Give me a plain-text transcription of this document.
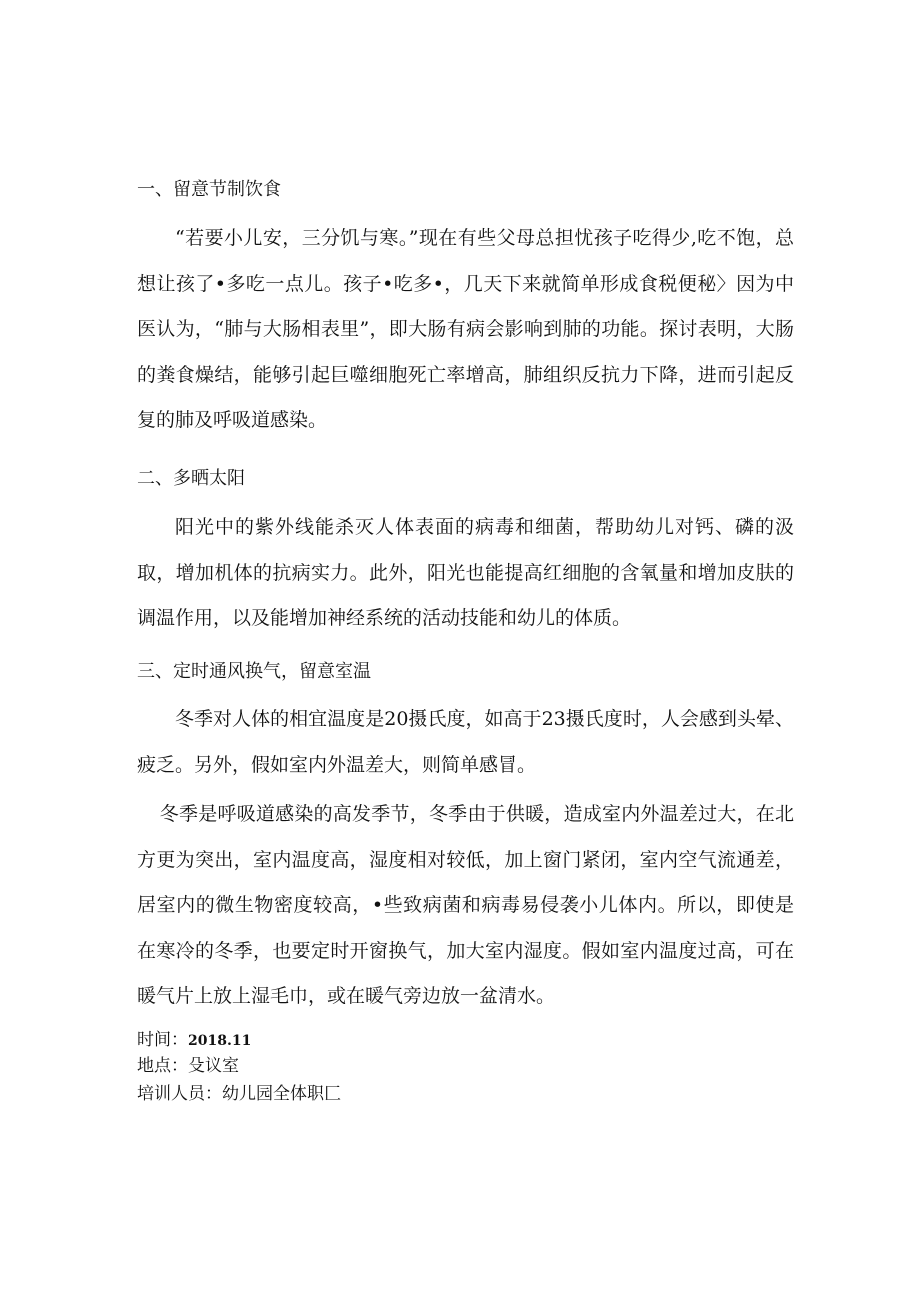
一、留意节制饮食

“若要小儿安，三分饥与寒。”现在有些父母总担忧孩子吃得少,吃不饱，总想让孩了•多吃一点儿。孩子•吃多•，几天下来就简单形成食税便秘〉因为中医认为，“肺与大肠相表里”，即大肠有病会影响到肺的功能。探讨表明，大肠的粪食燥结，能够引起巨噬细胞死亡率增高，肺组织反抗力下降，进而引起反复的肺及呼吸道感染。

二、多晒太阳

阳光中的紫外线能杀灭人体表面的病毒和细菌，帮助幼儿对钙、磷的汲取，增加机体的抗病实力。此外，阳光也能提高红细胞的含氧量和增加皮肤的调温作用，以及能增加神经系统的活动技能和幼儿的体质。

三、定时通风换气，留意室温

冬季对人体的相宜温度是20摄氏度，如高于23摄氏度时，人会感到头晕、疲乏。另外，假如室内外温差大，则简单感冒。

冬季是呼吸道感染的高发季节，冬季由于供暖，造成室内外温差过大，在北方更为突出，室内温度高，湿度相对较低，加上窗门紧闭，室内空气流通差，居室内的微生物密度较高，•些致病菌和病毒易侵袭小儿体内。所以，即使是在寒冷的冬季，也要定时开窗换气，加大室内湿度。假如室内温度过高，可在暖气片上放上湿毛巾，或在暖气旁边放一盆清水。

时间：2018.11
地点：殳议室
培训人员：幼儿园全体职匚
